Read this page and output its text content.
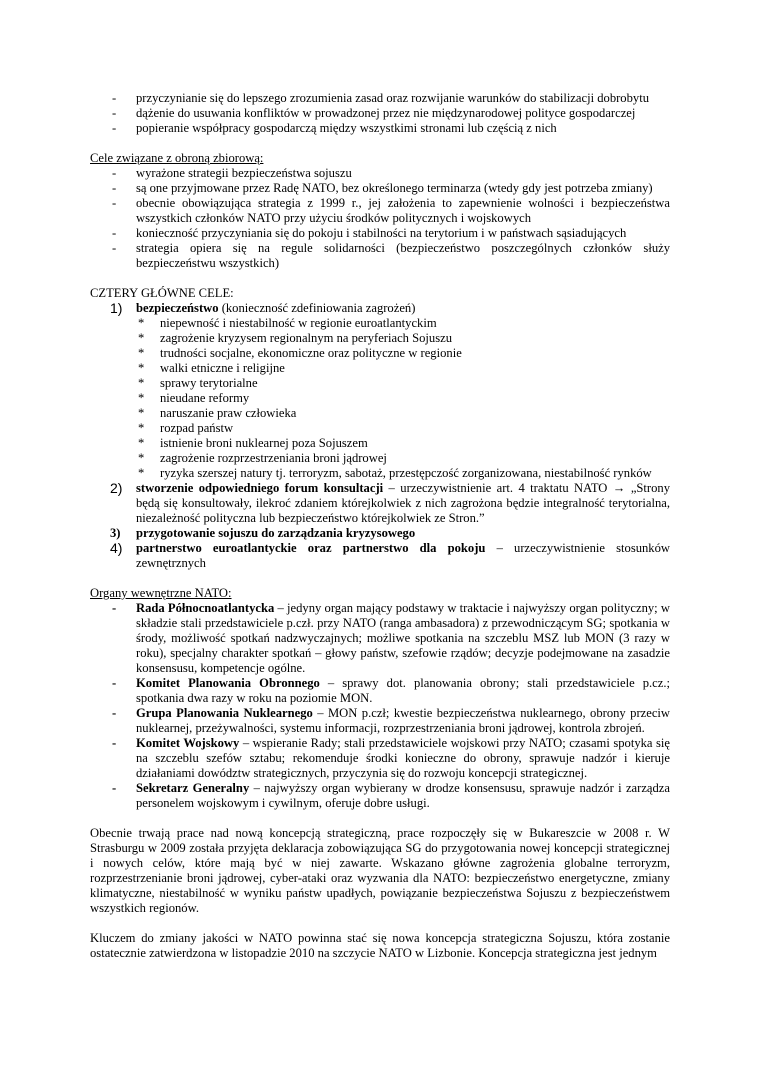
- przyczynianie się do lepszego zrozumienia zasad oraz rozwijanie warunków do stabilizacji dobrobytu
- dążenie do usuwania konfliktów w prowadzonej przez nie międzynarodowej polityce gospodarczej
- popieranie współpracy gospodarczą między wszystkimi stronami lub częścią z nich
Cele związane z obroną zbiorową:
- wyrażone strategii bezpieczeństwa sojuszu
- są one przyjmowane przez Radę NATO, bez określonego terminarza (wtedy gdy jest potrzeba zmiany)
- obecnie obowiązująca strategia z 1999 r., jej założenia to zapewnienie wolności i bezpieczeństwa wszystkich członków NATO przy użyciu środków politycznych i wojskowych
- konieczność przyczyniania się do pokoju i stabilności na terytorium i w państwach sąsiadujących
- strategia opiera się na regule solidarności (bezpieczeństwo poszczególnych członków służy bezpieczeństwu wszystkich)
CZTERY GŁÓWNE CELE:
1) bezpieczeństwo (konieczność zdefiniowania zagrożeń)
* niepewność i niestabilność w regionie euroatlantyckim
* zagrożenie kryzysem regionalnym na peryferiach Sojuszu
* trudności socjalne, ekonomiczne oraz polityczne w regionie
* walki etniczne i religijne
* sprawy terytorialne
* nieudane reformy
* naruszanie praw człowieka
* rozpad państw
* istnienie broni nuklearnej poza Sojuszem
* zagrożenie rozprzestrzeniania broni jądrowej
* ryzyka szerszej natury tj. terroryzm, sabotaż, przestępczość zorganizowana, niestabilność rynków
2) stworzenie odpowiedniego forum konsultacji – urzeczywistnienie art. 4 traktatu NATO → „Strony będą się konsultowały, ilekroć zdaniem którejkolwiek z nich zagrożona będzie integralność terytorialna, niezależność polityczna lub bezpieczeństwo którejkolwiek ze Stron.”
3) przygotowanie sojuszu do zarządzania kryzysowego
4) partnerstwo euroatlantyckie oraz partnerstwo dla pokoju – urzeczywistnienie stosunków zewnętrznych
Organy wewnętrzne NATO:
- Rada Północnoatlantycka – jedyny organ mający podstawy w traktacie i najwyższy organ polityczny; w składzie stali przedstawiciele p.czł. przy NATO (ranga ambasadora) z przewodniczącym SG; spotkania w środy, możliwość spotkań nadzwyczajnych; możliwe spotkania na szczeblu MSZ lub MON (3 razy w roku), specjalny charakter spotkań – głowy państw, szefowie rządów; decyzje podejmowane na zasadzie konsensusu, kompetencje ogólne.
- Komitet Planowania Obronnego – sprawy dot. planowania obrony; stali przedstawiciele p.cz.; spotkania dwa razy w roku na poziomie MON.
- Grupa Planowania Nuklearnego – MON p.czł; kwestie bezpieczeństwa nuklearnego, obrony przeciw nuklearnej, przeżywalności, systemu informacji, rozprzestrzeniania broni jądrowej, kontrola zbrojeń.
- Komitet Wojskowy – wspieranie Rady; stali przedstawiciele wojskowi przy NATO; czasami spotyka się na szczeblu szefów sztabu; rekomenduje środki konieczne do obrony, sprawuje nadzór i kieruje działaniami dowództw strategicznych, przyczynia się do rozwoju koncepcji strategicznej.
- Sekretarz Generalny – najwyższy organ wybierany w drodze konsensusu, sprawuje nadzór i zarządza personelem wojskowym i cywilnym, oferuje dobre usługi.

Obecnie trwają prace nad nową koncepcją strategiczną, prace rozpoczęły się w Bukareszcie w 2008 r. W Strasburgu w 2009 została przyjęta deklaracja zobowiązująca SG do przygotowania nowej koncepcji strategicznej i nowych celów, które mają być w niej zawarte. Wskazano główne zagrożenia globalne terroryzm, rozprzestrzenianie broni jądrowej, cyber-ataki oraz wyzwania dla NATO: bezpieczeństwo energetyczne, zmiany klimatyczne, niestabilność w wyniku państw upadłych, powiązanie bezpieczeństwa Sojuszu z bezpieczeństwem wszystkich regionów.

Kluczem do zmiany jakości w NATO powinna stać się nowa koncepcja strategiczna Sojuszu, która zostanie ostatecznie zatwierdzona w listopadzie 2010 na szczycie NATO w Lizbonie. Koncepcja strategiczna jest jednym
